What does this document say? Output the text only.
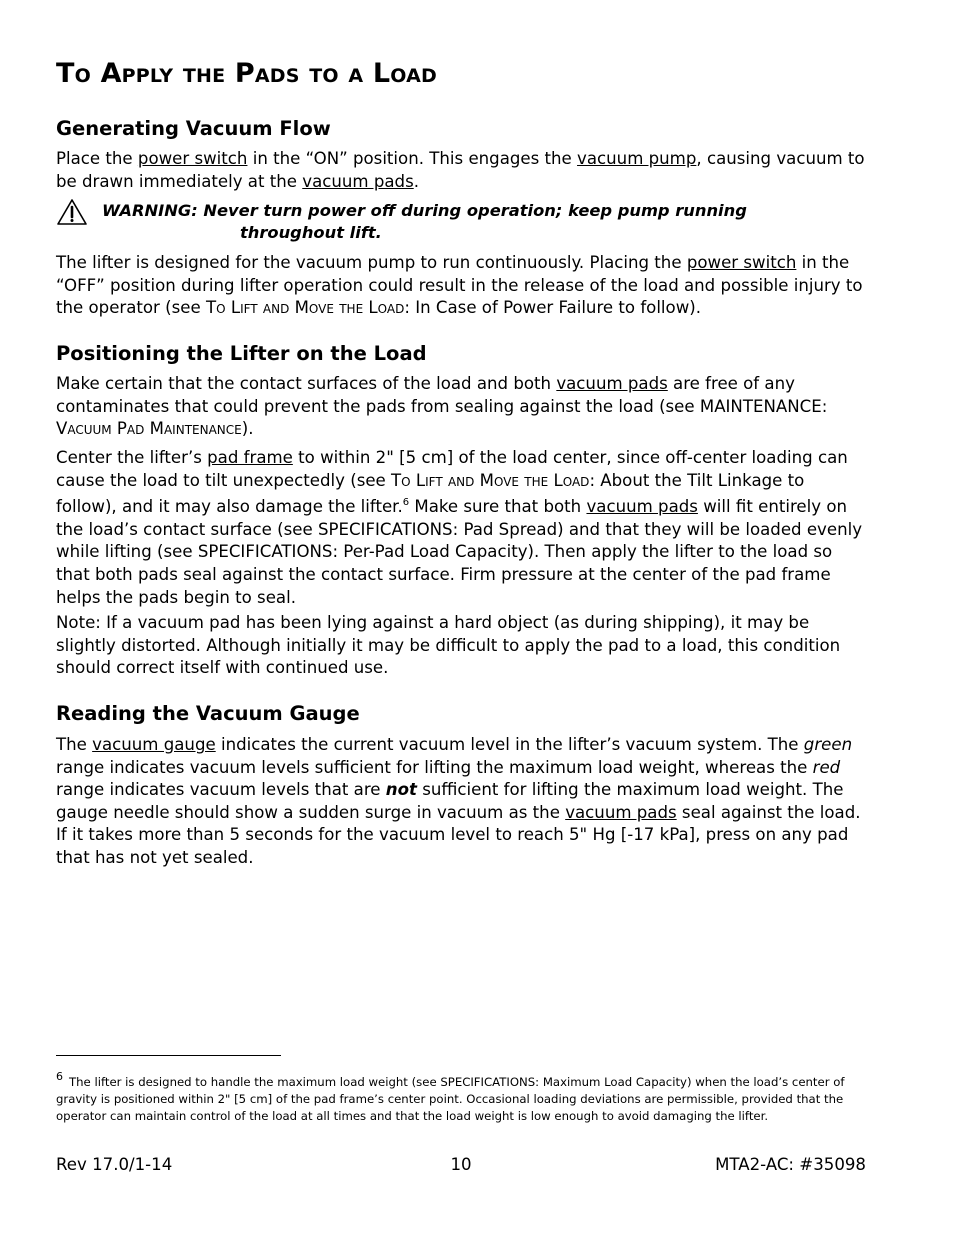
To Apply the Pads to a Load
Generating Vacuum Flow

Place the power switch in the “ON” position. This engages the vacuum pump, causing vacuum to be drawn immediately at the vacuum pads.

WARNING: Never turn power off during operation; keep pump running
throughout lift.

The lifter is designed for the vacuum pump to run continuously. Placing the power switch in the “OFF” position during lifter operation could result in the release of the load and possible injury to the operator (see To Lift and Move the Load: In Case of Power Failure to follow).

Positioning the Lifter on the Load

Make certain that the contact surfaces of the load and both vacuum pads are free of any contaminates that could prevent the pads from sealing against the load (see MAINTENANCE: Vacuum Pad Maintenance).

Center the lifter’s pad frame to within 2" [5 cm] of the load center, since off-center loading can cause the load to tilt unexpectedly (see To Lift and Move the Load: About the Tilt Linkage to follow), and it may also damage the lifter.$^6$ Make sure that both vacuum pads will fit entirely on the load’s contact surface (see SPECIFICATIONS: Pad Spread) and that they will be loaded evenly while lifting (see SPECIFICATIONS: Per-Pad Load Capacity). Then apply the lifter to the load so that both pads seal against the contact surface. Firm pressure at the center of the pad frame helps the pads begin to seal.

Note: If a vacuum pad has been lying against a hard object (as during shipping), it may be slightly distorted. Although initially it may be difficult to apply the pad to a load, this condition should correct itself with continued use.

Reading the Vacuum Gauge

The vacuum gauge indicates the current vacuum level in the lifter’s vacuum system. The green range indicates vacuum levels sufficient for lifting the maximum load weight, whereas the red range indicates vacuum levels that are not sufficient for lifting the maximum load weight. The gauge needle should show a sudden surge in vacuum as the vacuum pads seal against the load. If it takes more than 5 seconds for the vacuum level to reach 5" Hg [-17 kPa], press on any pad that has not yet sealed.

$^6$ The lifter is designed to handle the maximum load weight (see SPECIFICATIONS: Maximum Load Capacity) when the load’s center of gravity is positioned within 2" [5 cm] of the pad frame’s center point. Occasional loading deviations are permissible, provided that the operator can maintain control of the load at all times and that the load weight is low enough to avoid damaging the lifter.

Rev 17.0/1-14	10	MTA2-AC: #35098
